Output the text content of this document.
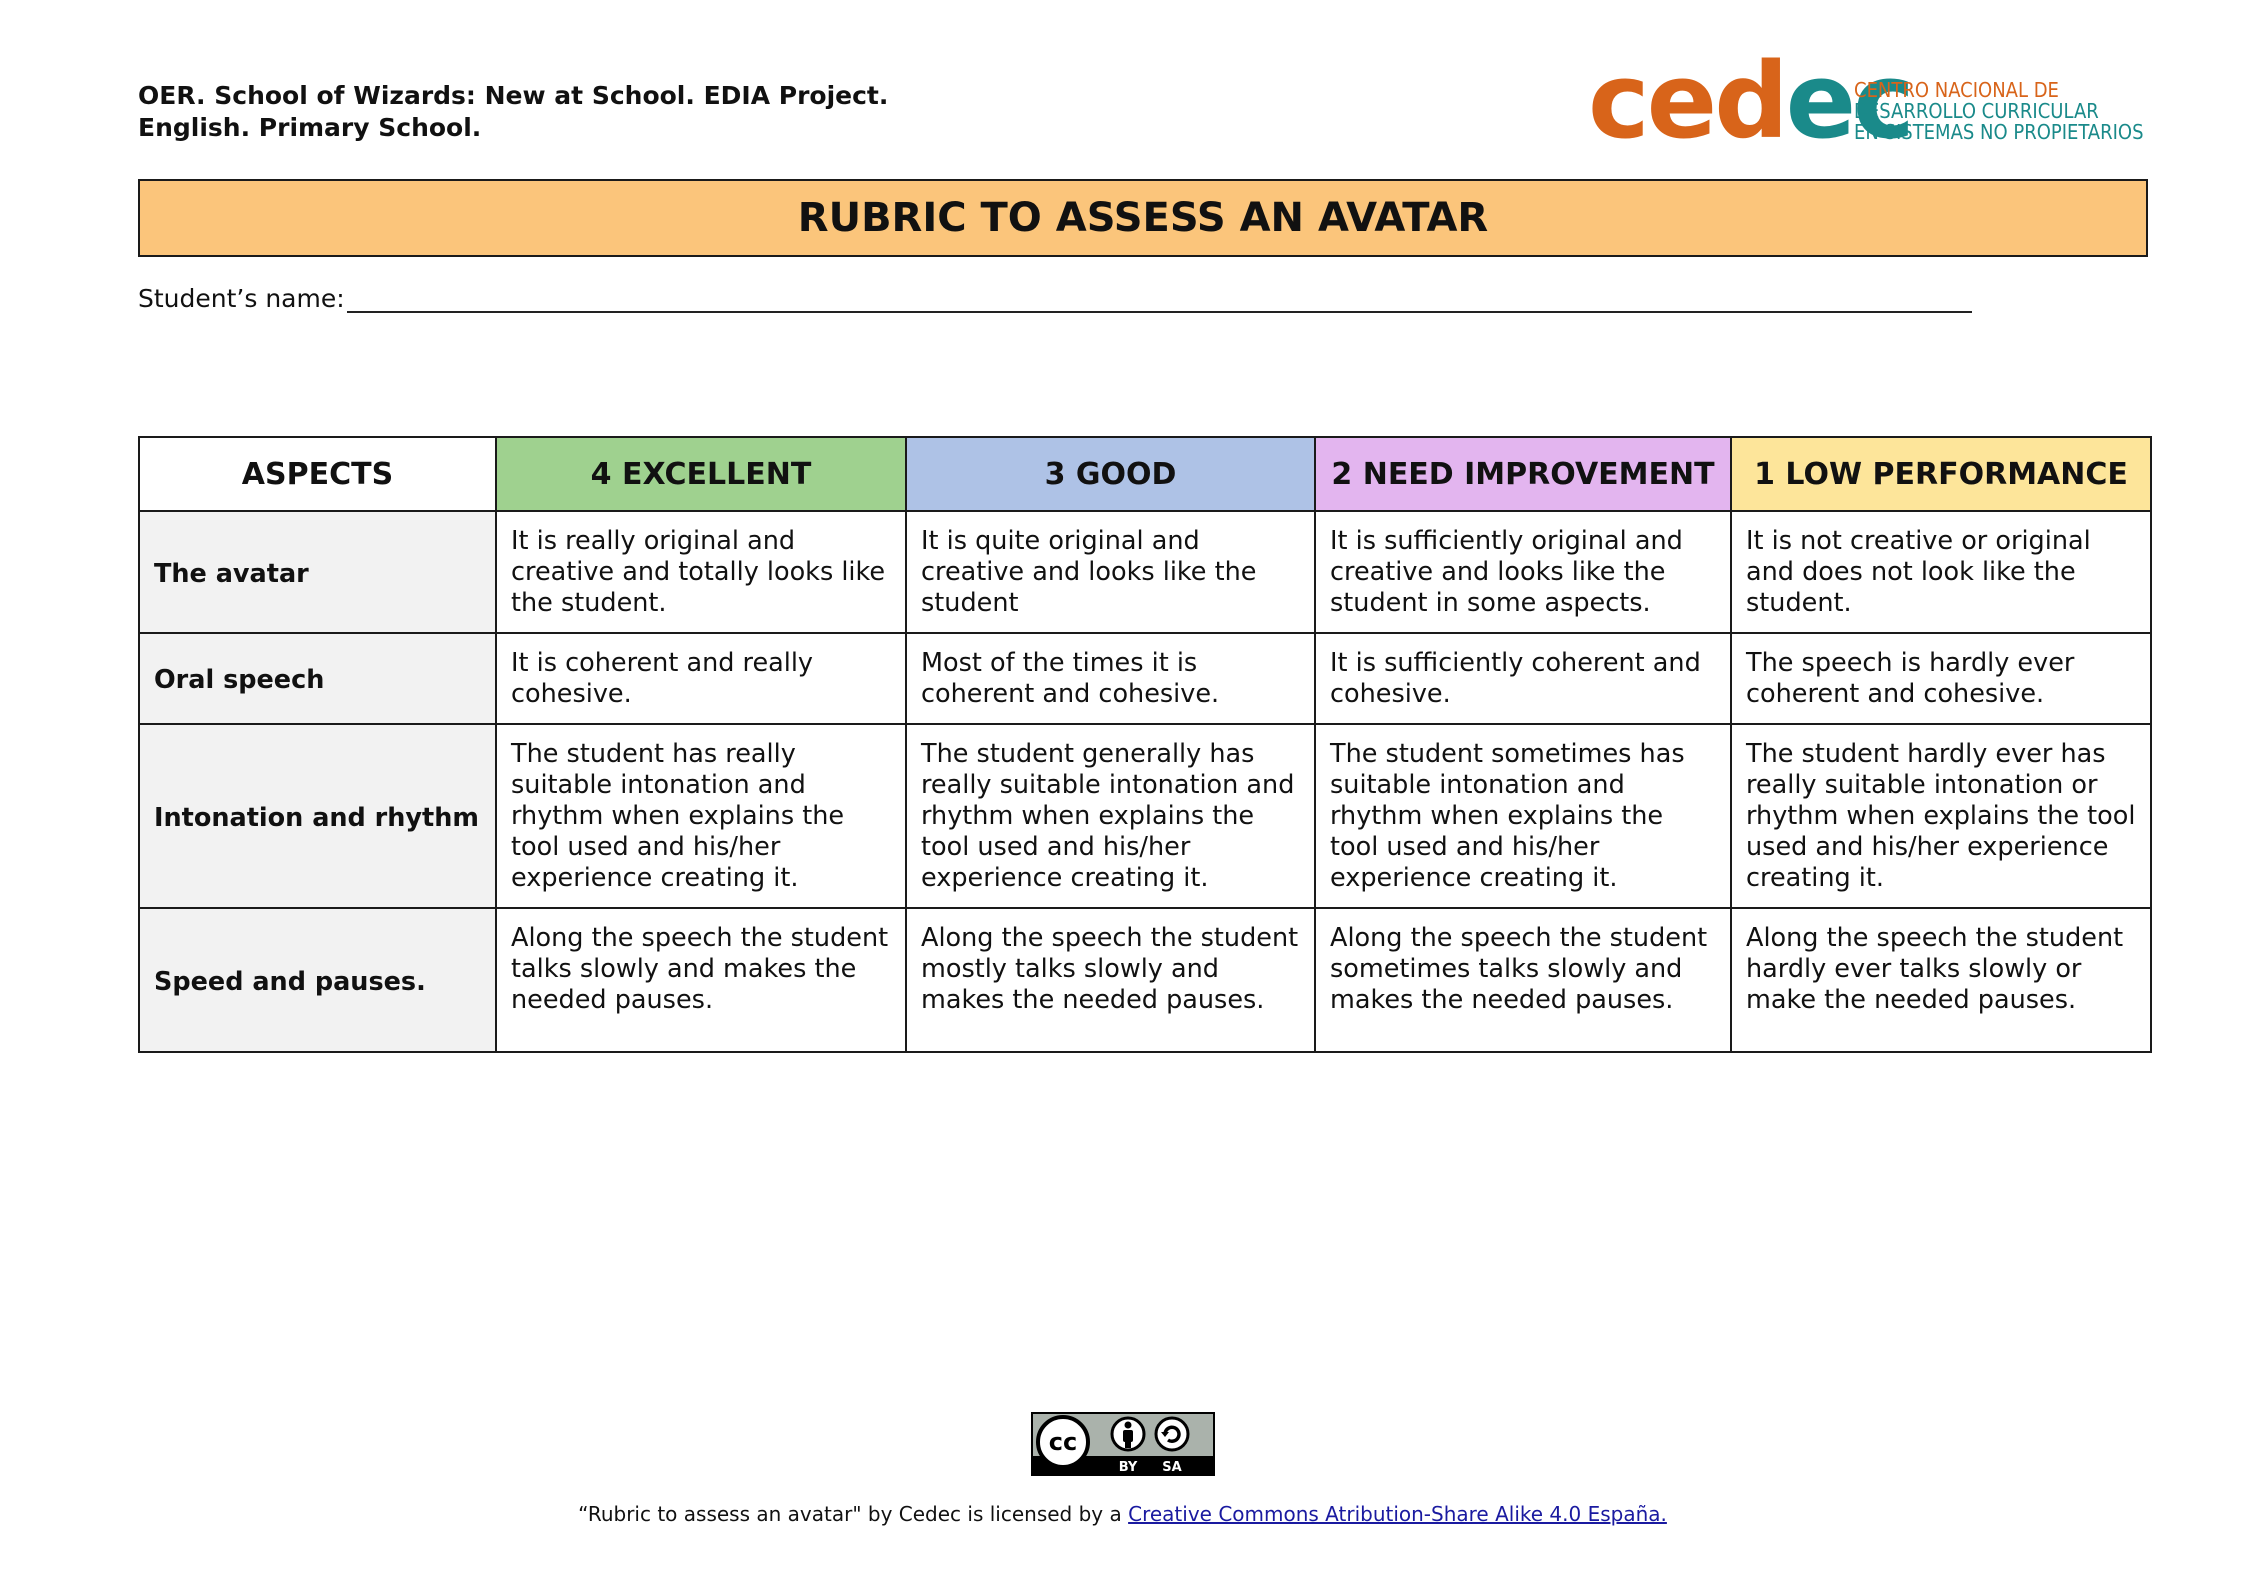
OER. School of Wizards: New at School. EDIA Project.
English. Primary School.	cedec
CENTRO NACIONAL DE
DESARROLLO CURRICULAR
EN SISTEMAS NO PROPIETARIOS
RUBRIC TO ASSESS AN AVATAR
Student’s name:
ASPECTS	4 EXCELLENT	3 GOOD	2 NEED IMPROVEMENT	1 LOW PERFORMANCE
The avatar	It is really original and creative and totally looks like the student.	It is quite original and creative and looks like the student	It is sufficiently original and creative and looks like the student in some aspects.	It is not creative or original and does not look like the student.
Oral speech	It is coherent and really cohesive.	Most of the times it is coherent and cohesive.	It is sufficiently coherent and cohesive.	The speech is hardly ever coherent and cohesive.
Intonation and rhythm	The student has really suitable intonation and rhythm when explains the tool used and his/her experience creating it.	The student generally has really suitable intonation and rhythm when explains the tool used and his/her experience creating it.	The student sometimes has suitable intonation and rhythm when explains the tool used and his/her experience creating it.	The student hardly ever has really suitable intonation or rhythm when explains the tool used and his/her experience creating it.
Speed and pauses.	Along the speech the student talks slowly and makes the needed pauses.	Along the speech the student mostly talks slowly and makes the needed pauses.	Along the speech the student sometimes talks slowly and makes the needed pauses.	Along the speech the student hardly ever talks slowly or make the needed pauses.
cc
BY SA
“Rubric to assess an avatar" by Cedec is licensed by a Creative Commons Atribution-Share Alike 4.0 España.
